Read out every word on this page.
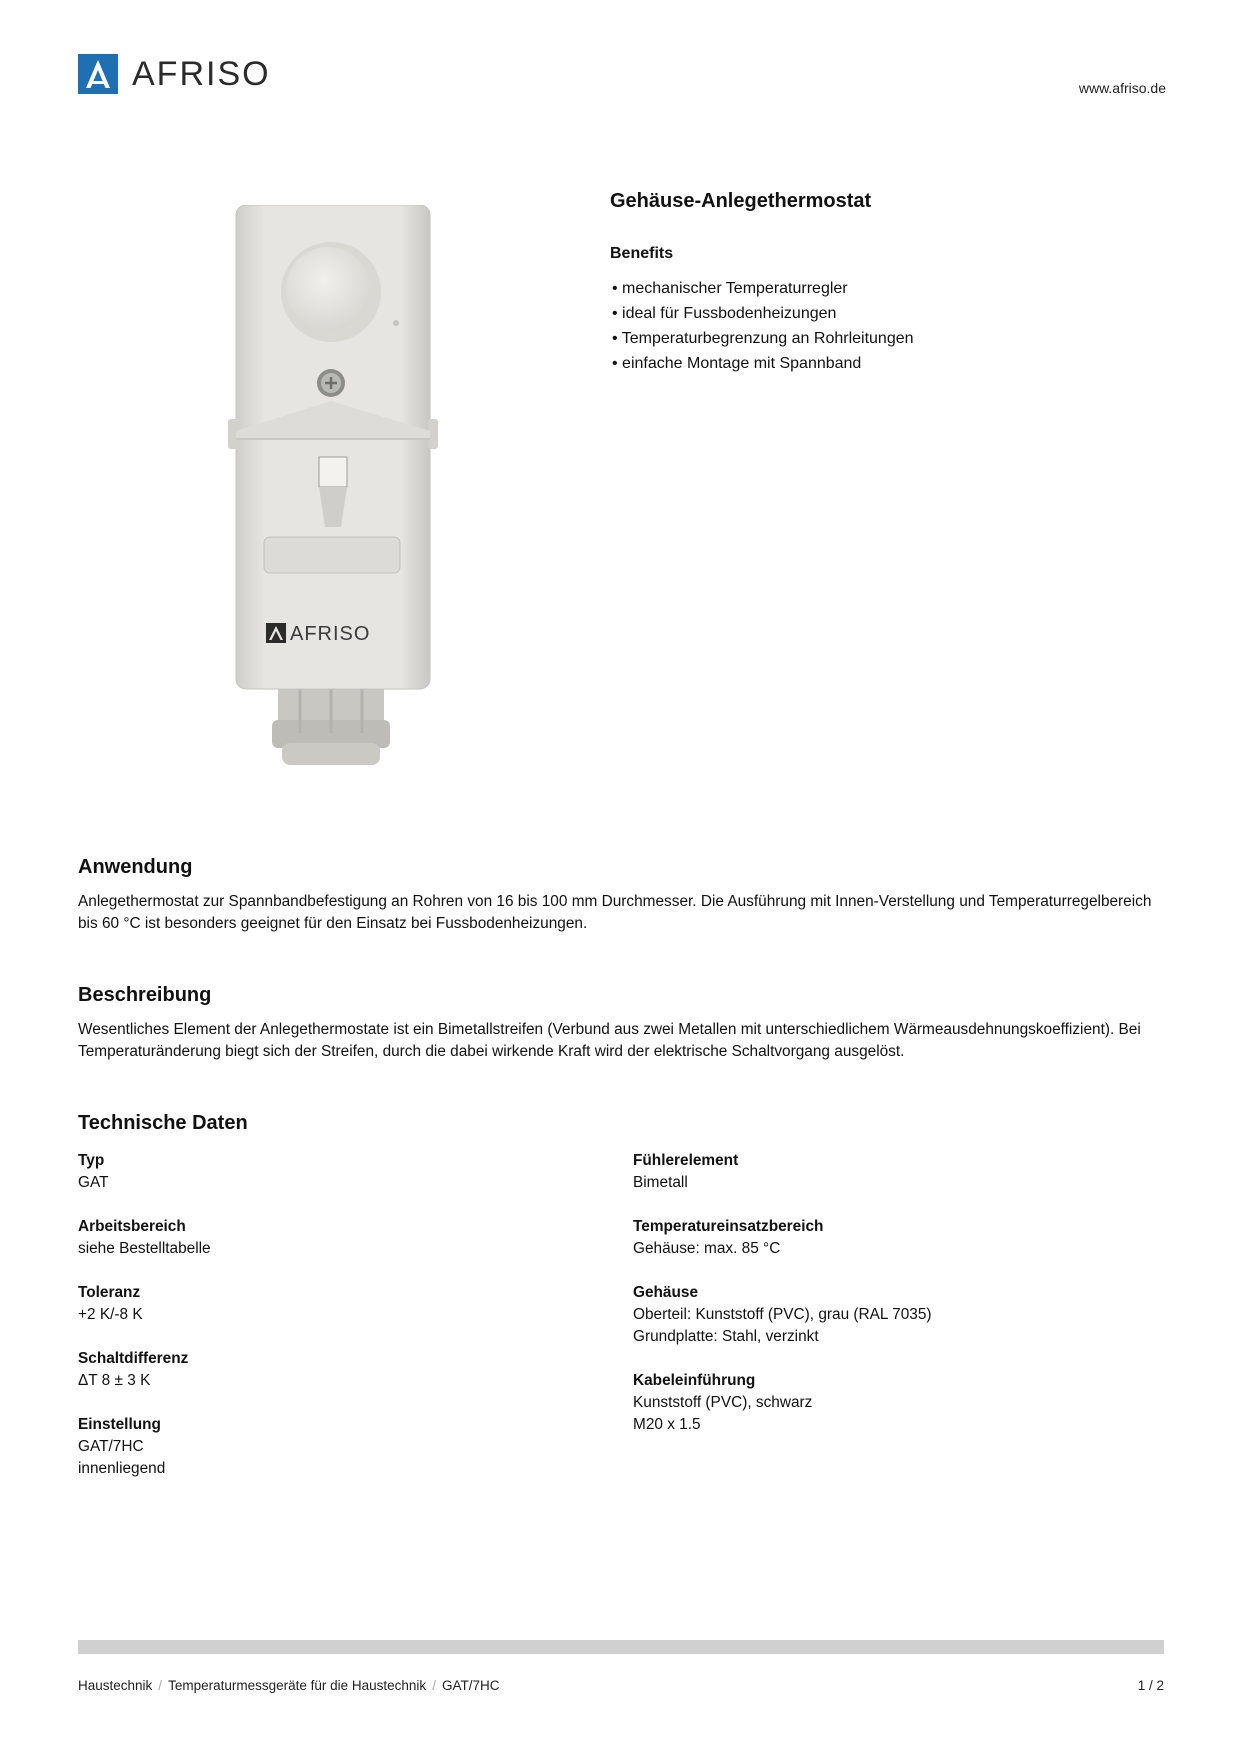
AFRISO	www.afriso.de
AFRISO
Gehäuse-Anlegethermostat
Benefits
• mechanischer Temperaturregler
• ideal für Fussbodenheizungen
• Temperaturbegrenzung an Rohrleitungen
• einfache Montage mit Spannband
Anwendung

Anlegethermostat zur Spannbandbefestigung an Rohren von 16 bis 100 mm Durchmesser. Die Ausführung mit Innen-Verstellung und Temperaturregelbereich bis 60 °C ist besonders geeignet für den Einsatz bei Fussbodenheizungen.

Beschreibung

Wesentliches Element der Anlegethermostate ist ein Bimetallstreifen (Verbund aus zwei Metallen mit unterschiedlichem Wärmeausdehnungskoeffizient). Bei Temperaturänderung biegt sich der Streifen, durch die dabei wirkende Kraft wird der elektrische Schaltvorgang ausgelöst.

Technische Daten
Typ
GAT
Arbeitsbereich
siehe Bestelltabelle
Toleranz
+2 K/-8 K
Schaltdifferenz
ΔT 8 ± 3 K
Einstellung
GAT/7HC
innenliegend
Fühlerelement
Bimetall
Temperatureinsatzbereich
Gehäuse: max. 85 °C
Gehäuse
Oberteil: Kunststoff (PVC), grau (RAL 7035)
Grundplatte: Stahl, verzinkt
Kabeleinführung
Kunststoff (PVC), schwarz
M20 x 1.5
Haustechnik / Temperaturmessgeräte für die Haustechnik / GAT/7HC	1 / 2
